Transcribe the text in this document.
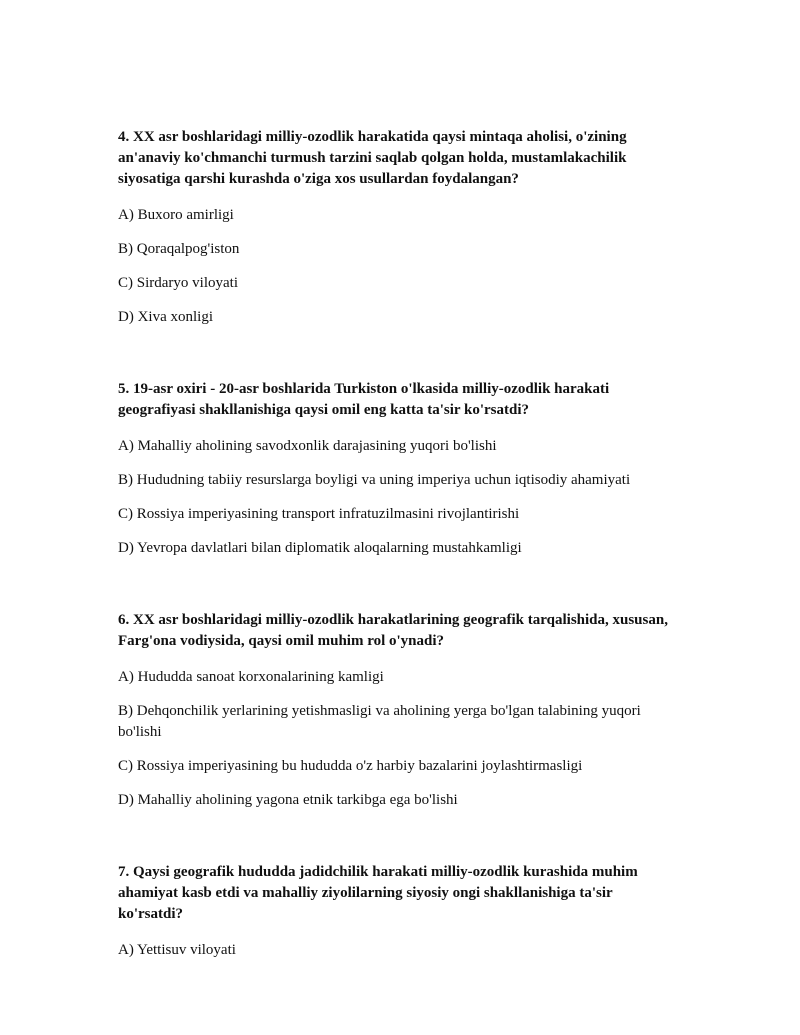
4. XX asr boshlaridagi milliy-ozodlik harakatida qaysi mintaqa aholisi, o'zining an'anaviy ko'chmanchi turmush tarzini saqlab qolgan holda, mustamlakachilik siyosatiga qarshi kurashda o'ziga xos usullardan foydalangan?

A) Buxoro amirligi

B) Qoraqalpog'iston

C) Sirdaryo viloyati

D) Xiva xonligi

5. 19-asr oxiri - 20-asr boshlarida Turkiston o'lkasida milliy-ozodlik harakati geografiyasi shakllanishiga qaysi omil eng katta ta'sir ko'rsatdi?

A) Mahalliy aholining savodxonlik darajasining yuqori bo'lishi

B) Hududning tabiiy resurslarga boyligi va uning imperiya uchun iqtisodiy ahamiyati

C) Rossiya imperiyasining transport infratuzilmasini rivojlantirishi

D) Yevropa davlatlari bilan diplomatik aloqalarning mustahkamligi

6. XX asr boshlaridagi milliy-ozodlik harakatlarining geografik tarqalishida, xususan, Farg'ona vodiysida, qaysi omil muhim rol o'ynadi?

A) Hududda sanoat korxonalarining kamligi

B) Dehqonchilik yerlarining yetishmasligi va aholining yerga bo'lgan talabining yuqori bo'lishi

C) Rossiya imperiyasining bu hududda o'z harbiy bazalarini joylashtirmasligi

D) Mahalliy aholining yagona etnik tarkibga ega bo'lishi

7. Qaysi geografik hududda jadidchilik harakati milliy-ozodlik kurashida muhim ahamiyat kasb etdi va mahalliy ziyolilarning siyosiy ongi shakllanishiga ta'sir ko'rsatdi?

A) Yettisuv viloyati
